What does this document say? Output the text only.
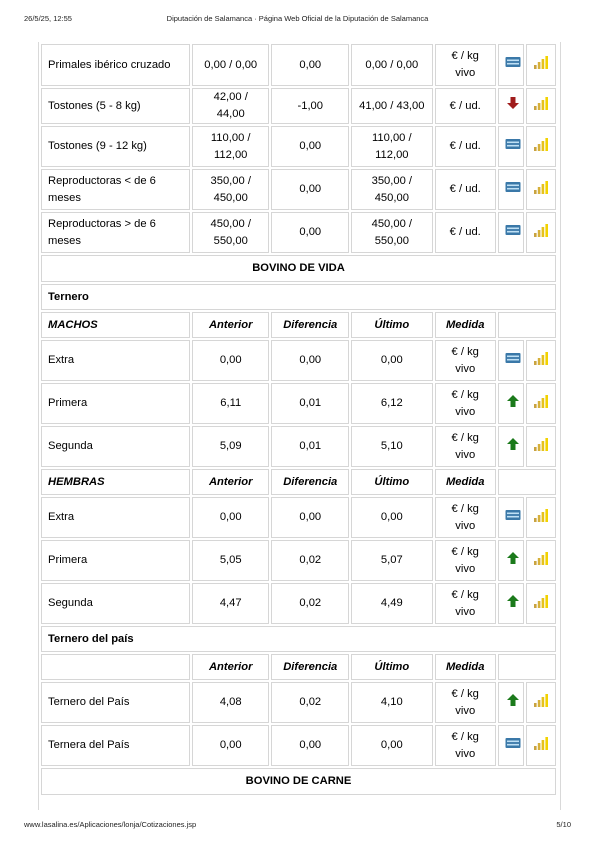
26/5/25, 12:55	Diputación de Salamanca · Página Web Oficial de la Diputación de Salamanca
Primales ibérico cruzado	0,00 / 0,00	0,00	0,00 / 0,00	€ / kg vivo		
Tostones (5 - 8 kg)	42,00 / 44,00	-1,00	41,00 / 43,00	€ / ud.		
Tostones (9 - 12 kg)	110,00 / 112,00	0,00	110,00 / 112,00	€ / ud.		
Reproductoras < de 6 meses	350,00 / 450,00	0,00	350,00 / 450,00	€ / ud.		
Reproductoras > de 6 meses	450,00 / 550,00	0,00	450,00 / 550,00	€ / ud.		
BOVINO DE VIDA						
Ternero						
MACHOS	Anterior	Diferencia	Último	Medida		
Extra	0,00	0,00	0,00	€ / kg vivo		
Primera	6,11	0,01	6,12	€ / kg vivo		
Segunda	5,09	0,01	5,10	€ / kg vivo		
HEMBRAS	Anterior	Diferencia	Último	Medida		
Extra	0,00	0,00	0,00	€ / kg vivo		
Primera	5,05	0,02	5,07	€ / kg vivo		
Segunda	4,47	0,02	4,49	€ / kg vivo		
Ternero del país						
	Anterior	Diferencia	Último	Medida		
Ternero del País	4,08	0,02	4,10	€ / kg vivo		
Ternera del País	0,00	0,00	0,00	€ / kg vivo		
BOVINO DE CARNE						
www.lasalina.es/Aplicaciones/lonja/Cotizaciones.jsp	5/10
